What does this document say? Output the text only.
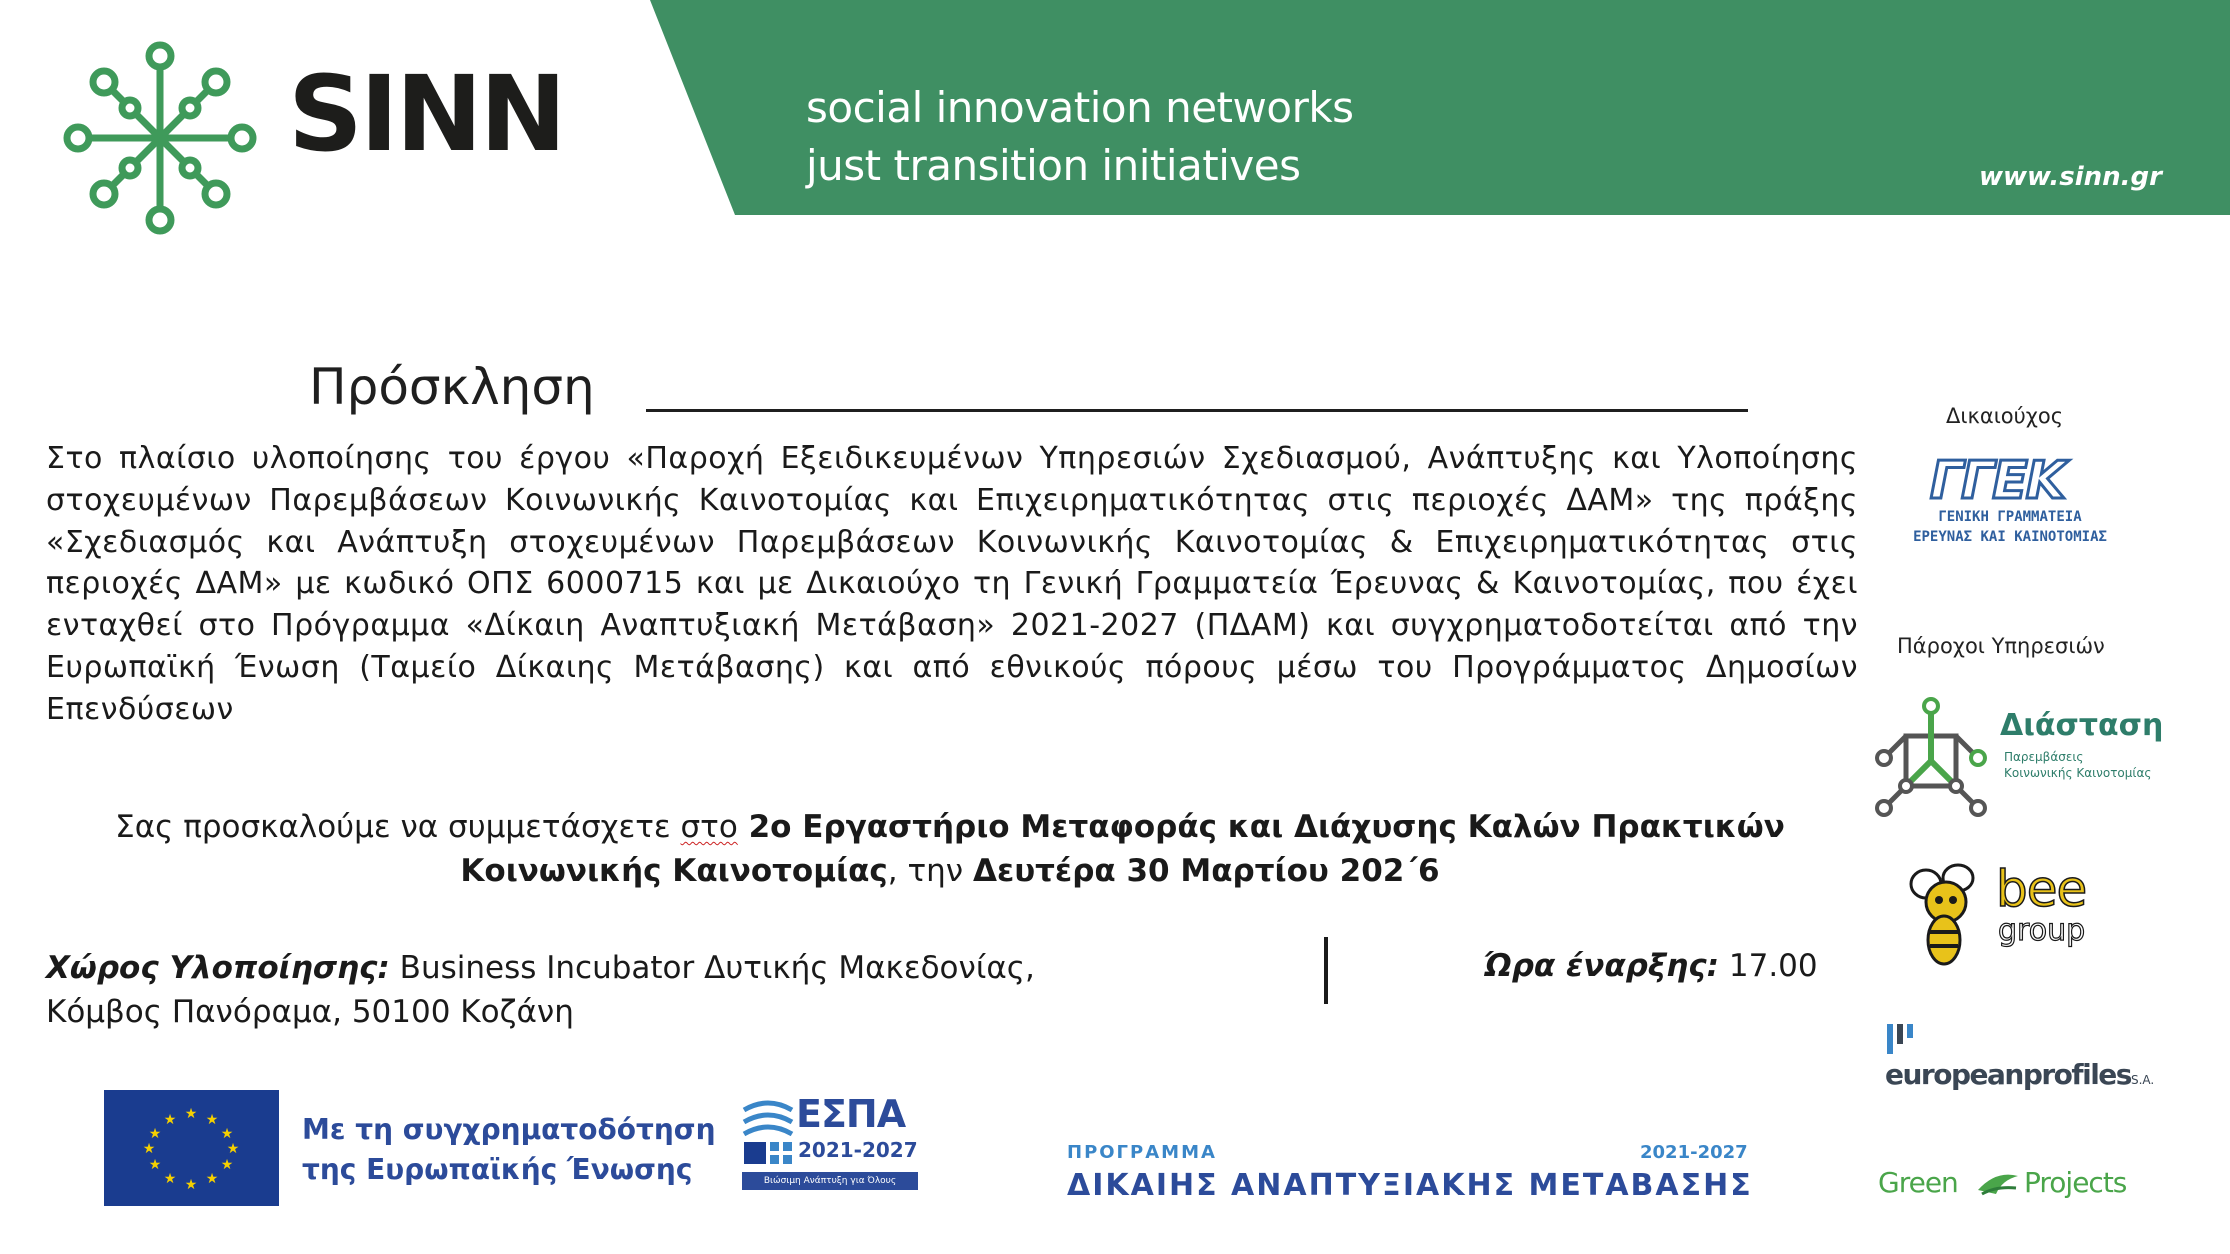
SINN	social innovation networks
just transition initiatives	www.sinn.gr
Πρόσκληση
Στο πλαίσιο υλοποίησης του έργου «Παροχή Εξειδικευμένων Υπηρεσιών Σχεδιασμού, Ανάπτυξης και Υλοποίησης στοχευμένων Παρεμβάσεων Κοινωνικής Καινοτομίας και Επιχειρηματικότητας στις περιοχές ΔΑΜ» της πράξης «Σχεδιασμός και Ανάπτυξη στοχευμένων Παρεμβάσεων Κοινωνικής Καινοτομίας & Επιχειρηματικότητας στις περιοχές ΔΑΜ» με κωδικό ΟΠΣ 6000715 και με Δικαιούχο τη Γενική Γραμματεία Έρευνας & Καινοτομίας, που έχει ενταχθεί στο Πρόγραμμα «Δίκαιη Αναπτυξιακή Μετάβαση» 2021-2027 (ΠΔΑΜ) και συγχρηματοδοτείται από την Ευρωπαϊκή Ένωση (Ταμείο Δίκαιης Μετάβασης) και από εθνικούς πόρους μέσω του Προγράμματος Δημοσίων Επενδύσεων
Σας προσκαλούμε να συμμετάσχετε στο 2ο Εργαστήριο Μεταφοράς και Διάχυσης Καλών Πρακτικών Κοινωνικής Καινοτομίας, την Δευτέρα 30 Μαρτίου 202΄6
Χώρος Υλοποίησης: Business Incubator Δυτικής Μακεδονίας,
Κόμβος Πανόραμα, 50100 Κοζάνη
Ώρα έναρξης: 17.00
Δικαιούχος
ΓΓΕΚ
ΓΕΝΙΚΗ ΓΡΑΜΜΑΤΕΙΑ
ΕΡΕΥΝΑΣ ΚΑΙ ΚΑΙΝΟΤΟΜΙΑΣ
Πάροχοι Υπηρεσιών
Διάσταση
Παρεμβάσεις
Κοινωνικής Καινοτομίας
bee
group
europeanprofilesS.A.
Green Projects
★ ★
★
★
★
★
★
★
★
★
★
★	Με τη συγχρηματοδότηση
της Ευρωπαϊκής Ένωσης
ΕΣΠΑ
2021-2027
Βιώσιμη Ανάπτυξη για Όλους
ΠΡΟΓΡΑΜΜΑ	2021-2027
ΔΙΚΑΙΗΣ ΑΝΑΠΤΥΞΙΑΚΗΣ ΜΕΤΑΒΑΣΗΣ
